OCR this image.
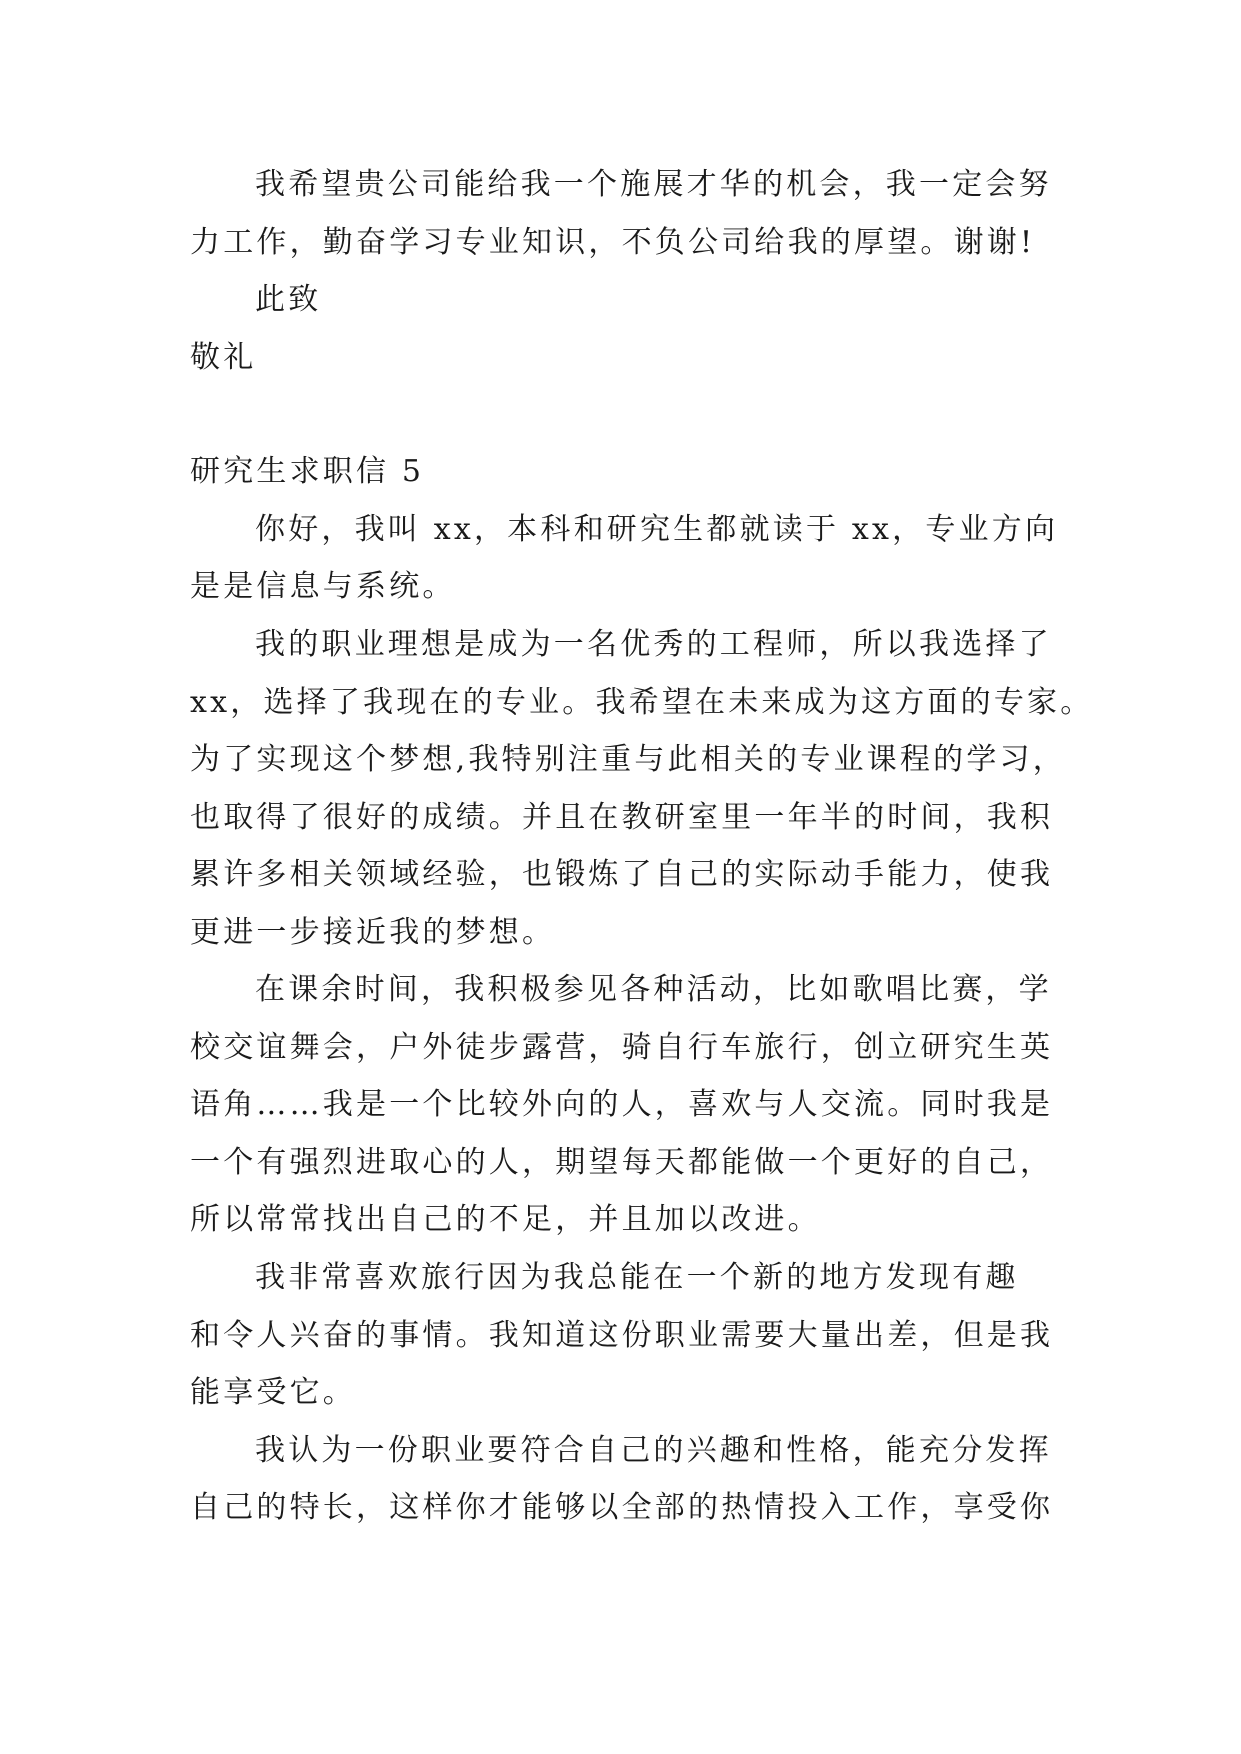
我希望贵公司能给我一个施展才华的机会，我一定会努
力工作，勤奋学习专业知识，不负公司给我的厚望。谢谢!
此致
敬礼
研究生求职信 5
你好，我叫 xx，本科和研究生都就读于 xx，专业方向
是是信息与系统。
我的职业理想是成为一名优秀的工程师，所以我选择了
xx，选择了我现在的专业。我希望在未来成为这方面的专家。
为了实现这个梦想,我特别注重与此相关的专业课程的学习，
也取得了很好的成绩。并且在教研室里一年半的时间，我积
累许多相关领域经验，也锻炼了自己的实际动手能力，使我
更进一步接近我的梦想。
在课余时间，我积极参见各种活动，比如歌唱比赛，学
校交谊舞会，户外徒步露营，骑自行车旅行，创立研究生英
语角……我是一个比较外向的人，喜欢与人交流。同时我是
一个有强烈进取心的人，期望每天都能做一个更好的自己，
所以常常找出自己的不足，并且加以改进。
我非常喜欢旅行因为我总能在一个新的地方发现有趣
和令人兴奋的事情。我知道这份职业需要大量出差，但是我
能享受它。
我认为一份职业要符合自己的兴趣和性格，能充分发挥
自己的特长，这样你才能够以全部的热情投入工作，享受你
